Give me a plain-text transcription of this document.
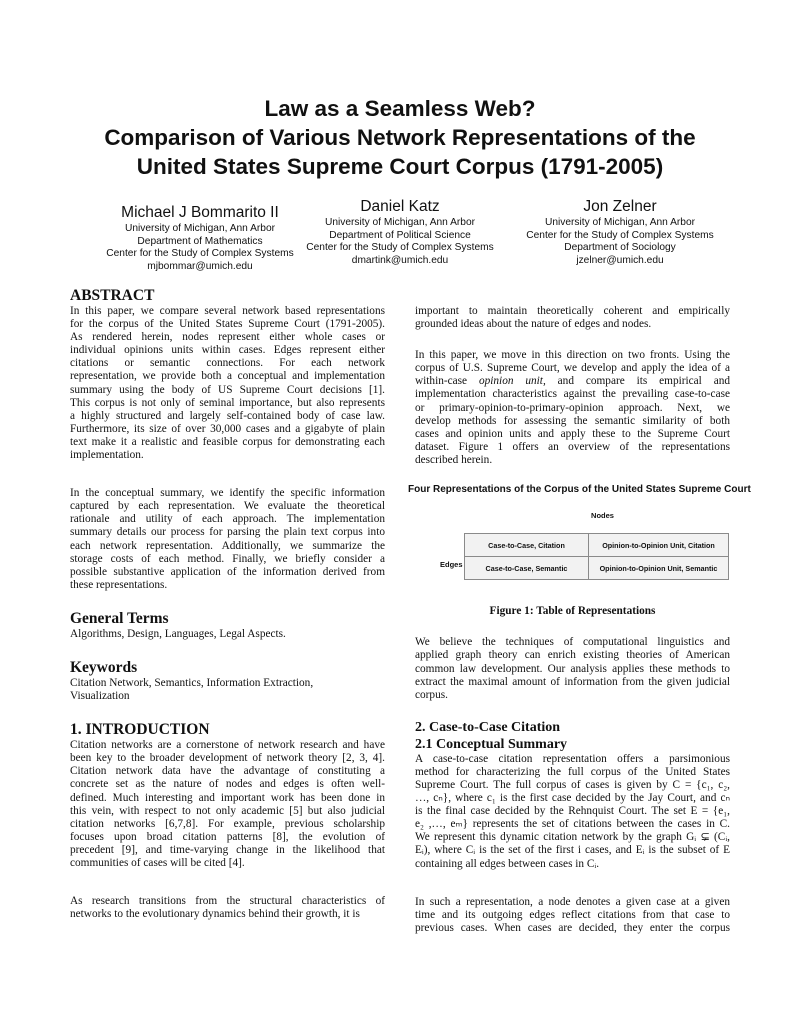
Law as a Seamless Web?
Comparison of Various Network Representations of the
United States Supreme Court Corpus (1791-2005)
Michael J Bommarito II
University of Michigan, Ann Arbor
Department of Mathematics
Center for the Study of Complex Systems
mjbommar@umich.edu
Daniel Katz
University of Michigan, Ann Arbor
Department of Political Science
Center for the Study of Complex Systems
dmartink@umich.edu
Jon Zelner
University of Michigan, Ann Arbor
Center for the Study of Complex Systems
Department of Sociology
jzelner@umich.edu
ABSTRACT

In this paper, we compare several network based representations

for the corpus of the United States Supreme Court (1791-2005).

As rendered herein, nodes represent either whole cases or

individual opinions units within cases. Edges represent either

citations or semantic connections. For each network

representation, we provide both a conceptual and implementation

summary using the body of US Supreme Court decisions [1].

This corpus is not only of seminal importance, but also represents

a highly structured and largely self-contained body of case law.

Furthermore, its size of over 30,000 cases and a gigabyte of plain

text make it a realistic and feasible corpus for demonstrating each

implementation.

In the conceptual summary, we identify the specific information

captured by each representation. We evaluate the theoretical

rationale and utility of each approach. The implementation

summary details our process for parsing the plain text corpus into

each network representation. Additionally, we summarize the

storage costs of each method. Finally, we briefly consider a

possible substantive application of the information derived from

these representations.

General Terms

Algorithms, Design, Languages, Legal Aspects.

Keywords

Citation Network, Semantics, Information Extraction,

Visualization

1. INTRODUCTION

Citation networks are a cornerstone of network research and have

been key to the broader development of network theory [2, 3, 4].

Citation network data have the advantage of constituting a

concrete set as the nature of nodes and edges is often well-

defined. Much interesting and important work has been done in

this vein, with respect to not only academic [5] but also judicial

citation networks [6,7,8]. For example, previous scholarship

focuses upon broad citation patterns [8], the evolution of

precedent [9], and time-varying change in the likelihood that

communities of cases will be cited [4].

As research transitions from the structural characteristics of

networks to the evolutionary dynamics behind their growth, it is

important to maintain theoretically coherent and empirically

grounded ideas about the nature of edges and nodes.

In this paper, we move in this direction on two fronts. Using the

corpus of U.S. Supreme Court, we develop and apply the idea of a

within-case opinion unit, and compare its empirical and

implementation characteristics against the prevailing case-to-case

or primary-opinion-to-primary-opinion approach. Next, we

develop methods for assessing the semantic similarity of both

cases and opinion units and apply these to the Supreme Court

dataset. Figure 1 offers an overview of the representations

described herein.

Four Representations of the Corpus of the United States Supreme Court
Nodes
Edges
Case-to-Case, Citation	Opinion-to-Opinion Unit, Citation
Case-to-Case, Semantic	Opinion-to-Opinion Unit, Semantic
Figure 1: Table of Representations

We believe the techniques of computational linguistics and

applied graph theory can enrich existing theories of American

common law development. Our analysis applies these methods to

extract the maximal amount of information from the given judicial

corpus.

2. Case-to-Case Citation
2.1 Conceptual Summary

A case-to-case citation representation offers a parsimonious

method for characterizing the full corpus of the United States

Supreme Court. The full corpus of cases is given by C = {c₁, c₂,

…, cₙ}, where c₁ is the first case decided by the Jay Court, and cₙ

is the final case decided by the Rehnquist Court. The set E = {e₁,

e₂ ,…, eₘ} represents the set of citations between the cases in C.

We represent this dynamic citation network by the graph Gᵢ ⊊ (Cᵢ,

Eᵢ), where Cᵢ is the set of the first i cases, and Eᵢ is the subset of E

containing all edges between cases in Cᵢ.

In such a representation, a node denotes a given case at a given

time and its outgoing edges reflect citations from that case to

previous cases. When cases are decided, they enter the corpus
